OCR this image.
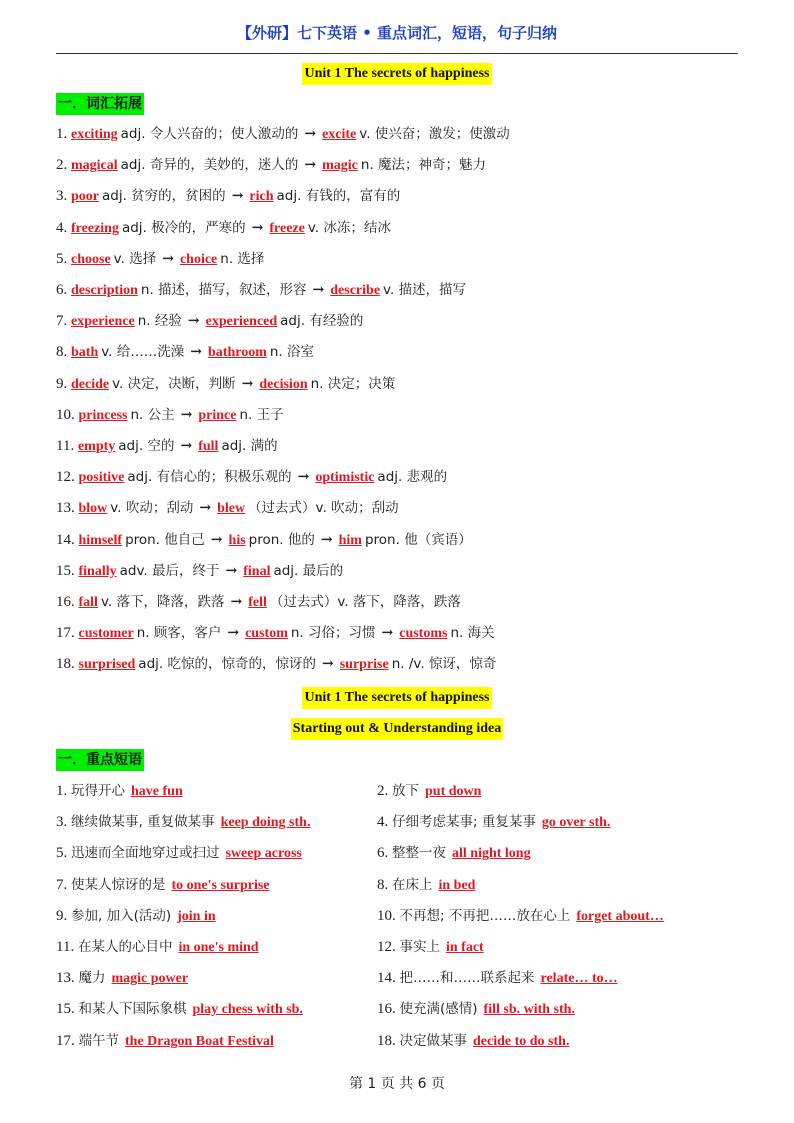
【外研】七下英语 • 重点词汇，短语，句子归纳
Unit 1 The secrets of happiness
一．词汇拓展
1. exciting adj. 令人兴奋的；使人激动的 → excite v. 使兴奋；激发；使激动
2. magical adj. 奇异的，美妙的，迷人的 → magic n. 魔法；神奇；魅力
3. poor adj. 贫穷的，贫困的 → rich adj. 有钱的，富有的
4. freezing adj. 极冷的，严寒的 → freeze v. 冰冻；结冰
5. choose v. 选择 → choice n. 选择
6. description n. 描述，描写，叙述，形容 → describe v. 描述，描写
7. experience n. 经验 → experienced adj. 有经验的
8. bath v. 给……洗澡 → bathroom n. 浴室
9. decide v. 决定，决断，判断 → decision n. 决定；决策
10. princess n. 公主 → prince n. 王子
11. empty adj. 空的 → full adj. 满的
12. positive adj. 有信心的；积极乐观的 → optimistic adj. 悲观的
13. blow v. 吹动；刮动 → blew （过去式）v. 吹动；刮动
14. himself pron. 他自己 → his pron. 他的 → him pron. 他（宾语）
15. finally adv. 最后，终于 → final adj. 最后的
16. fall v. 落下，降落，跌落 → fell （过去式）v. 落下，降落，跌落
17. customer n. 顾客，客户 → custom n. 习俗；习惯 → customs n. 海关
18. surprised adj. 吃惊的，惊奇的，惊讶的 → surprise n. /v. 惊讶，惊奇
Unit 1 The secrets of happiness
Starting out & Understanding idea
一．重点短语
1. 玩得开心 have fun	2. 放下 put down
3. 继续做某事, 重复做某事 keep doing sth.	4. 仔细考虑某事; 重复某事 go over sth.
5. 迅速而全面地穿过或扫过 sweep across	6. 整整一夜 all night long
7. 使某人惊讶的是 to one's surprise	8. 在床上 in bed
9. 参加, 加入(活动) join in	10. 不再想; 不再把……放在心上 forget about…
11. 在某人的心目中 in one's mind	12. 事实上 in fact
13. 魔力 magic power	14. 把……和……联系起来 relate… to…
15. 和某人下国际象棋 play chess with sb.	16. 使充满(感情) fill sb. with sth.
17. 端午节 the Dragon Boat Festival	18. 决定做某事 decide to do sth.
第 1 页 共 6 页
